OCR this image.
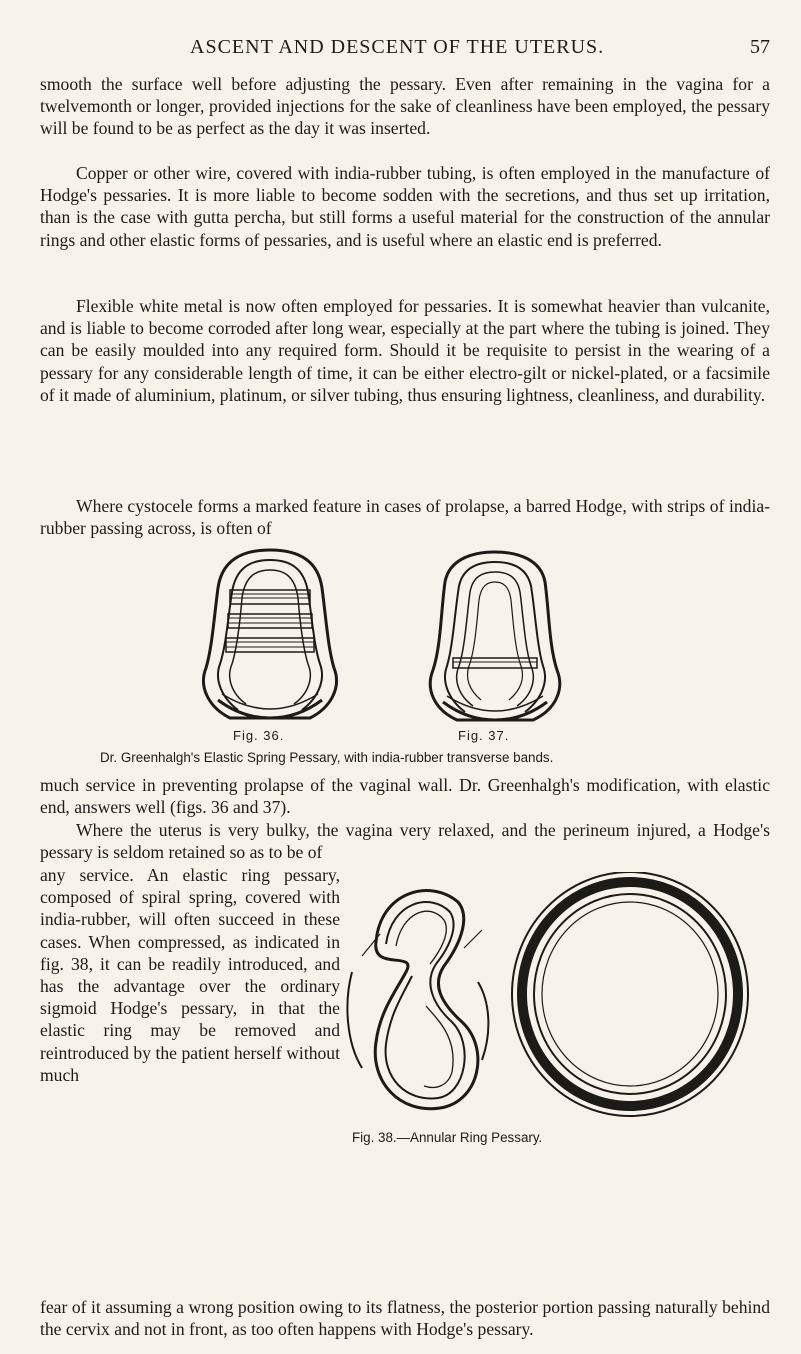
ASCENT AND DESCENT OF THE UTERUS.	57

smooth the surface well before adjusting the pessary. Even after remaining in the vagina for a twelvemonth or longer, provided injections for the sake of cleanliness have been employed, the pessary will be found to be as perfect as the day it was inserted.

Copper or other wire, covered with india-rubber tubing, is often employed in the manufacture of Hodge's pessaries. It is more liable to become sodden with the secretions, and thus set up irritation, than is the case with gutta percha, but still forms a useful material for the construction of the annular rings and other elastic forms of pessaries, and is useful where an elastic end is preferred.

Flexible white metal is now often employed for pessaries. It is somewhat heavier than vulcanite, and is liable to become corroded after long wear, especially at the part where the tubing is joined. They can be easily moulded into any required form. Should it be requisite to persist in the wearing of a pessary for any considerable length of time, it can be either electro-gilt or nickel-plated, or a facsimile of it made of aluminium, platinum, or silver tubing, thus ensuring lightness, cleanliness, and durability.

Where cystocele forms a marked feature in cases of prolapse, a barred Hodge, with strips of india-rubber passing across, is often of

Fig. 36.	Fig. 37.
Dr. Greenhalgh's Elastic Spring Pessary, with india-rubber transverse bands.

much service in preventing prolapse of the vaginal wall. Dr. Greenhalgh's modification, with elastic end, answers well (figs. 36 and 37).

Where the uterus is very bulky, the vagina very relaxed, and the perineum injured, a Hodge's pessary is seldom retained so as to be of

any service. An elastic ring pessary, composed of spiral spring, covered with india-rubber, will often succeed in these cases. When compressed, as indicated in fig. 38, it can be readily introduced, and has the advantage over the ordinary sigmoid Hodge's pessary, in that the elastic ring may be removed and reintroduced by the patient herself without much

Fig. 38.—Annular Ring Pessary.

fear of it assuming a wrong position owing to its flatness, the posterior portion passing naturally behind the cervix and not in front, as too often happens with Hodge's pessary.
